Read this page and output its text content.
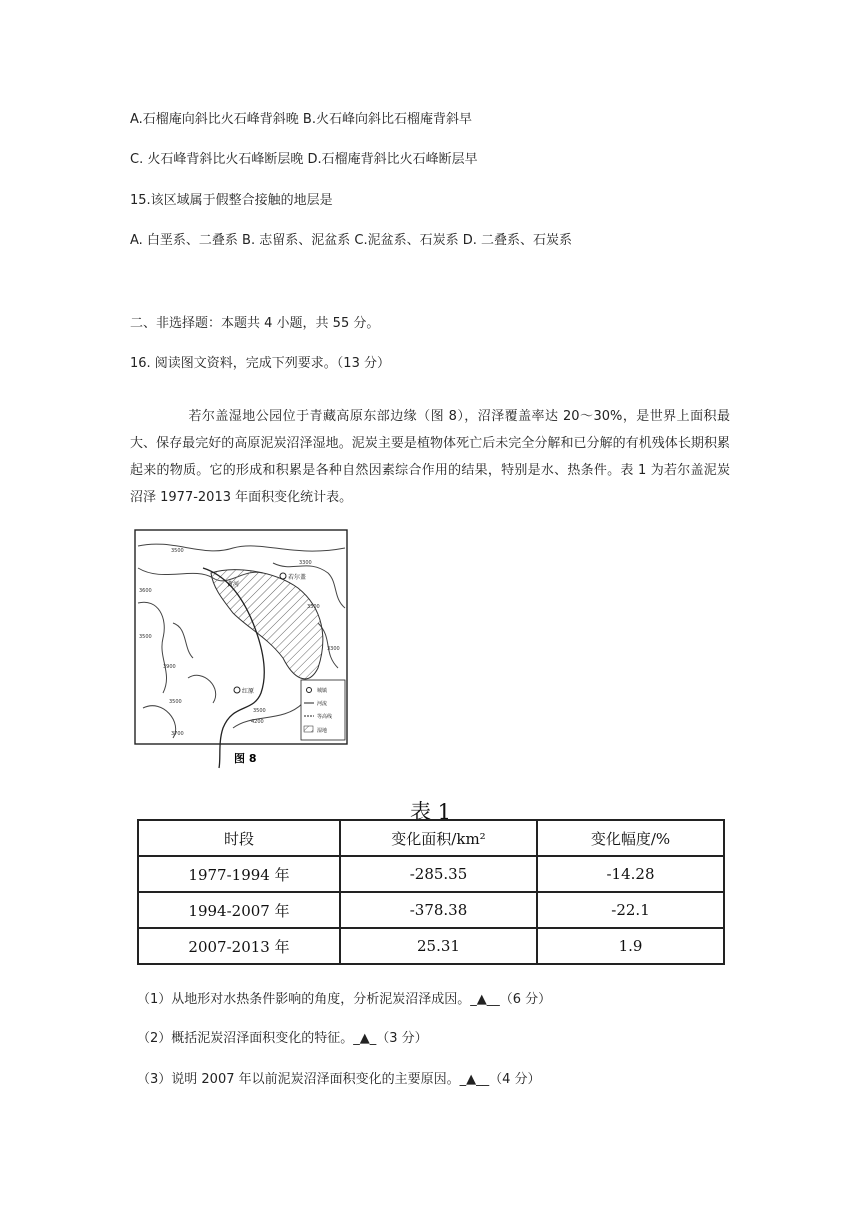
A.石榴庵向斜比火石峰背斜晚 B.火石峰向斜比石榴庵背斜早
C. 火石峰背斜比火石峰断层晚 D.石榴庵背斜比火石峰断层早
15.该区域属于假整合接触的地层是
A. 白垩系、二叠系 B. 志留系、泥盆系 C.泥盆系、石炭系 D. 二叠系、石炭系
二、非选择题：本题共 4 小题，共 55 分。
16. 阅读图文资料，完成下列要求。（13 分）
若尔盖湿地公园位于青藏高原东部边缘（图 8），沼泽覆盖率达 20～30%，是世界上面积最大、保存最完好的高原泥炭沼泽湿地。泥炭主要是植物体死亡后未完全分解和已分解的有机残体长期积累起来的物质。它的形成和积累是各种自然因素综合作用的结果，特别是水、热条件。表 1 为若尔盖泥炭沼泽 1977-2013 年面积变化统计表。
若尔盖
红原
黄河
3500
3300
3600
3500
3300
3300
3900
3500
3500
4200
3700
城镇
河流
等高线
湿地
图 8
表 1
时段	变化面积/km²	变化幅度/%
1977-1994 年	-285.35	-14.28
1994-2007 年	-378.38	-22.1
2007-2013 年	25.31	1.9
（1）从地形对水热条件影响的角度，分析泥炭沼泽成因。_▲__（6 分）
（2）概括泥炭沼泽面积变化的特征。_▲_（3 分）
（3）说明 2007 年以前泥炭沼泽面积变化的主要原因。_▲__（4 分）
